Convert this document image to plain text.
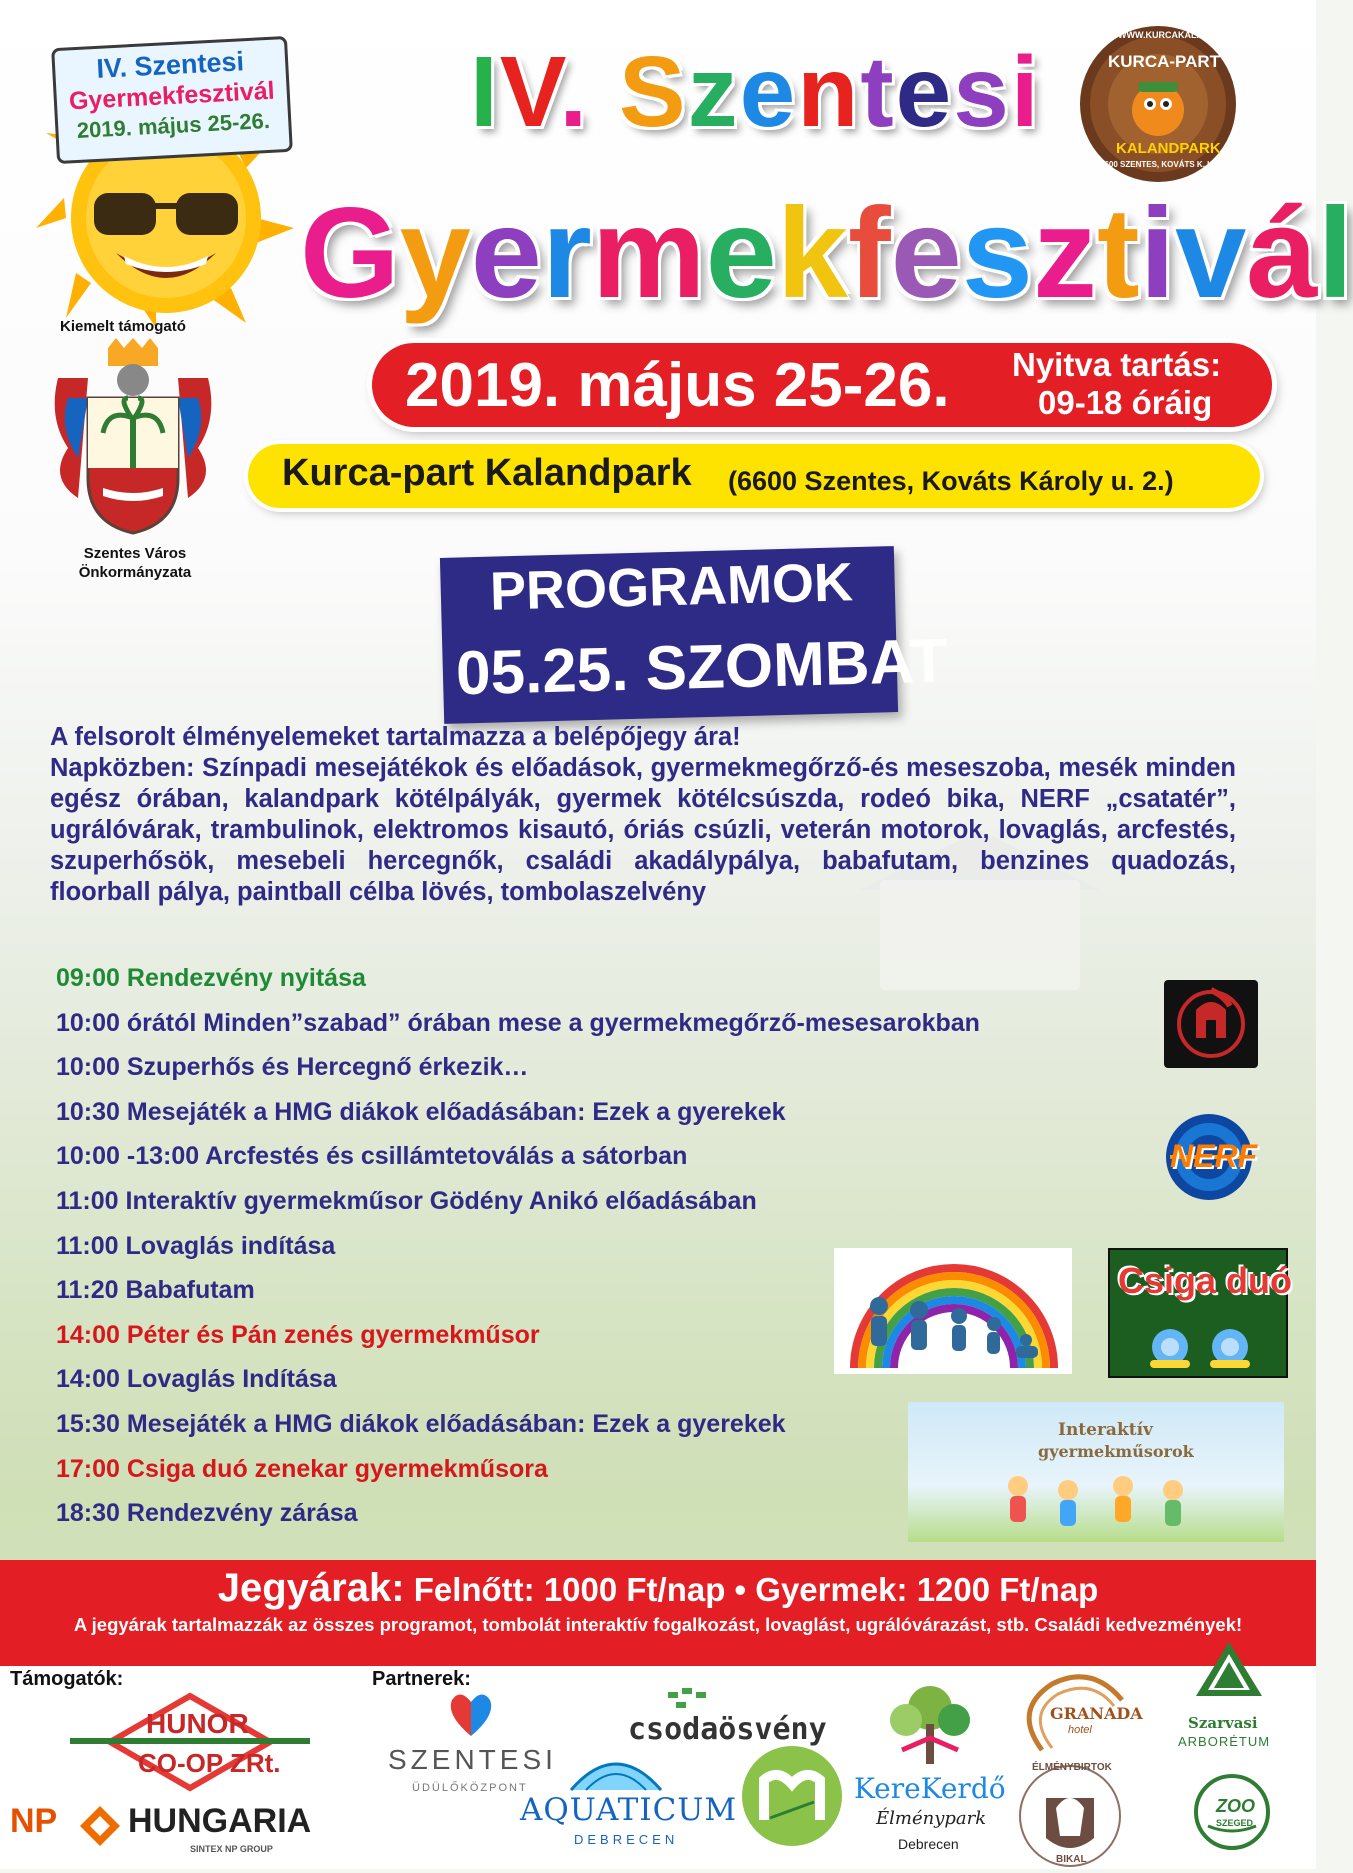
IV. Szentesi
Gyermekfesztivál
2019. május 25-26. IV. Szentesi
Gyermekfesztivál
WWW.KURCAKALAND.HU
KURCA-PART
KALANDPARK
6600 SZENTES, KOVÁTS K. U. 2.
Kiemelt támogató
Szentes Város
Önkormányzata
2019. május 25-26. Nyitva tartás:
09-18 óráig
Kurca-part Kalandpark (6600 Szentes, Kováts Károly u. 2.)
PROGRAMOK
05.25. SZOMBAT

A felsorolt élményelemeket tartalmazza a belépőjegy ára!

Napközben: Színpadi mesejátékok és előadások, gyermekmegőrző-és meseszoba, mesék minden egész órában, kalandpark kötélpályák, gyermek kötélcsúszda, rodeó bika, NERF „csatatér”, ugrálóvárak, trambulinok, elektromos kisautó, óriás csúzli, veterán motorok, lovaglás, arcfestés, szuperhősök, mesebeli hercegnők, családi akadálypálya, babafutam, benzines quadozás, floorball pálya, paintball célba lövés, tombolaszelvény

09:00 Rendezvény nyitása
10:00 órától Minden”szabad” órában mese a gyermekmegőrző-mesesarokban
10:00 Szuperhős és Hercegnő érkezik…
10:30 Mesejáték a HMG diákok előadásában: Ezek a gyerekek
10:00 -13:00 Arcfestés és csillámtetoválás a sátorban
11:00 Interaktív gyermekműsor Gödény Anikó előadásában
11:00 Lovaglás indítása
11:20 Babafutam
14:00 Péter és Pán zenés gyermekműsor
14:00 Lovaglás Indítása
15:30 Mesejáték a HMG diákok előadásában: Ezek a gyerekek
17:00 Csiga duó zenekar gyermekműsora
18:30 Rendezvény zárása
NERF
Csiga duó
Interaktív
gyermekműsorok
Jegyárak: Felnőtt: 1000 Ft/nap • Gyermek: 1200 Ft/nap
A jegyárak tartalmazzák az összes programot, tombolát interaktív fogalkozást, lovaglást, ugrálóvárazást, stb. Családi kedvezmények!
Támogatók:	Partnerek:
HUNOR
CO-OP ZRt.
NP HUNGARIA
SINTEX NP GROUP
SZENTESI
ÜDÜLŐKÖZPONT
csodaösvény
AQUATICUM
DEBRECEN
KereKerdő
Élménypark
Debrecen
GRANADA
hotel
ÉLMÉNYBIRTOK
BIKAL
Szarvasi
ARBORÉTUM
ZOO
SZEGED
